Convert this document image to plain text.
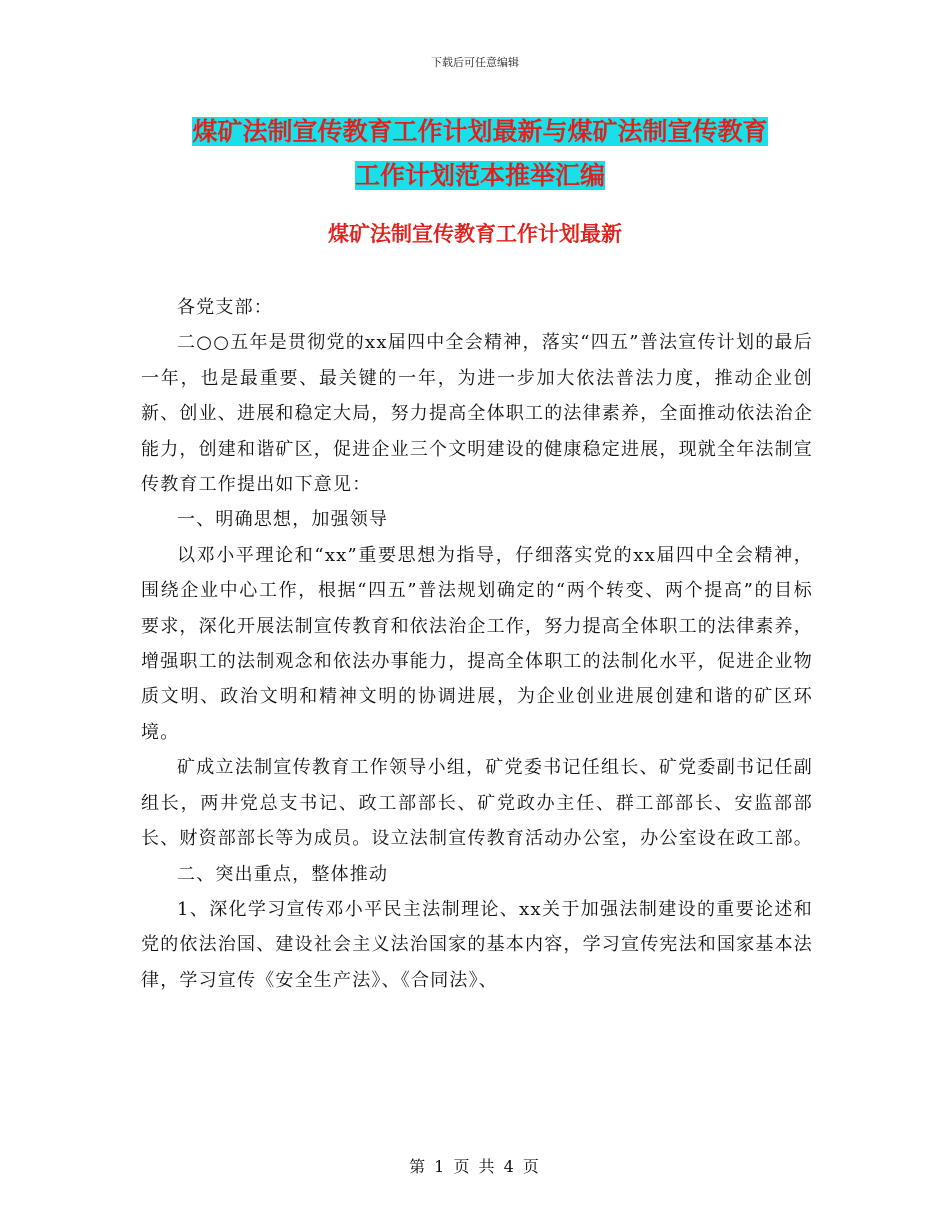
下载后可任意编辑
煤矿法制宣传教育工作计划最新与煤矿法制宣传教育
工作计划范本推举汇编
煤矿法制宣传教育工作计划最新

各党支部：

二○○五年是贯彻党的xx届四中全会精神，落实“四五”普法宣传计划的最后一年，也是最重要、最关键的一年，为进一步加大依法普法力度，推动企业创新、创业、进展和稳定大局，努力提高全体职工的法律素养，全面推动依法治企能力，创建和谐矿区，促进企业三个文明建设的健康稳定进展，现就全年法制宣传教育工作提出如下意见：

一、明确思想，加强领导

以邓小平理论和“xx”重要思想为指导，仔细落实党的xx届四中全会精神，围绕企业中心工作，根据“四五”普法规划确定的“两个转变、两个提高”的目标要求，深化开展法制宣传教育和依法治企工作，努力提高全体职工的法律素养，增强职工的法制观念和依法办事能力，提高全体职工的法制化水平，促进企业物质文明、政治文明和精神文明的协调进展，为企业创业进展创建和谐的矿区环境。

矿成立法制宣传教育工作领导小组，矿党委书记任组长、矿党委副书记任副组长，两井党总支书记、政工部部长、矿党政办主任、群工部部长、安监部部长、财资部部长等为成员。设立法制宣传教育活动办公室，办公室设在政工部。

二、突出重点，整体推动

1、深化学习宣传邓小平民主法制理论、xx关于加强法制建设的重要论述和党的依法治国、建设社会主义法治国家的基本内容，学习宣传宪法和国家基本法律，学习宣传《安全生产法》、《合同法》、

第 1 页 共 4 页
